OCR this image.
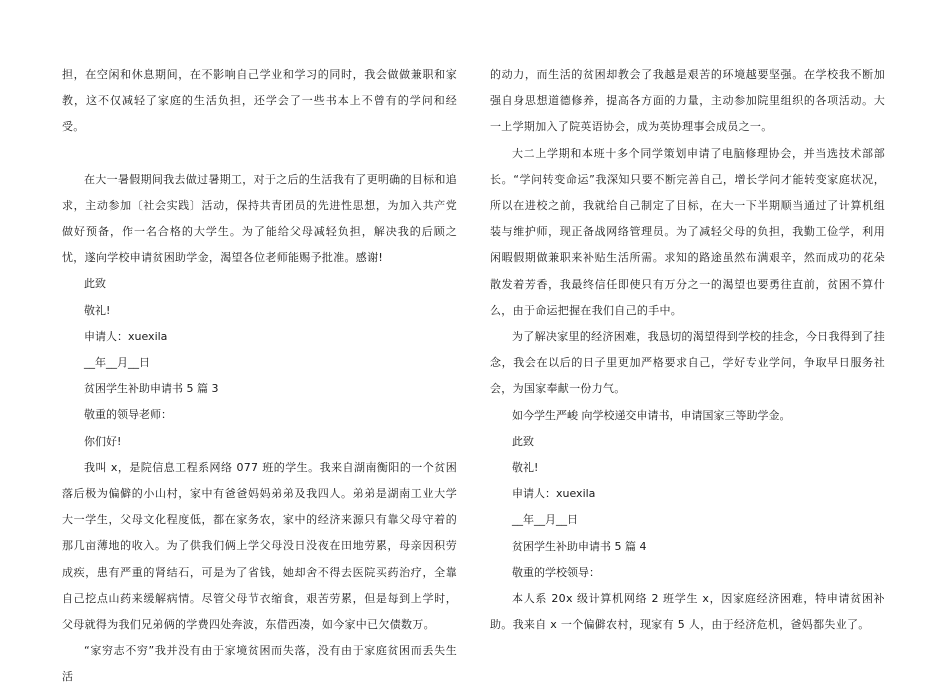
担，在空闲和休息期间，在不影响自己学业和学习的同时，我会做做兼职和家教，这不仅减轻了家庭的生活负担，还学会了一些书本上不曾有的学问和经受。

在大一暑假期间我去做过暑期工，对于之后的生活我有了更明确的目标和追求，主动参加〔社会实践〕活动，保持共青团员的先进性思想，为加入共产党做好预备，作一名合格的大学生。为了能给父母减轻负担，解决我的后顾之忧，遂向学校申请贫困助学金，渴望各位老师能赐予批准。感谢!

此致

敬礼!

申请人：xuexila

__年__月__日

贫困学生补助申请书 5 篇 3

敬重的领导老师：

你们好!

我叫 x，是院信息工程系网络 077 班的学生。我来自湖南衡阳的一个贫困落后极为偏僻的小山村，家中有爸爸妈妈弟弟及我四人。弟弟是湖南工业大学大一学生，父母文化程度低，都在家务农，家中的经济来源只有靠父母守着的那几亩薄地的收入。为了供我们俩上学父母没日没夜在田地劳累，母亲因积劳成疾，患有严重的肾结石，可是为了省钱，她却舍不得去医院买药治疗，全靠自己挖点山药来缓解病情。尽管父母节衣缩食，艰苦劳累，但是每到上学时，父母就得为我们兄弟俩的学费四处奔波，东借西凑，如今家中已欠债数万。

“家穷志不穷”我并没有由于家境贫困而失落，没有由于家庭贫困而丢失生活

的动力，而生活的贫困却教会了我越是艰苦的环境越要坚强。在学校我不断加强自身思想道德修养，提高各方面的力量，主动参加院里组织的各项活动。大一上学期加入了院英语协会，成为英协理事会成员之一。

大二上学期和本班十多个同学策划申请了电脑修理协会，并当选技术部部长。“学问转变命运”我深知只要不断完善自己，增长学问才能转变家庭状况，所以在进校之前，我就给自己制定了目标，在大一下半期顺当通过了计算机组装与维护师，现正备战网络管理员。为了减轻父母的负担，我勤工俭学，利用闲暇假期做兼职来补贴生活所需。求知的路途虽然布满艰辛，然而成功的花朵散发着芳香，我最终信任即使只有万分之一的渴望也要勇往直前，贫困不算什么，由于命运把握在我们自己的手中。

为了解决家里的经济困难，我恳切的渴望得到学校的挂念，今日我得到了挂念，我会在以后的日子里更加严格要求自己，学好专业学问，争取早日服务社会，为国家奉献一份力气。

如今学生严峻 向学校递交申请书，申请国家三等助学金。

此致

敬礼!

申请人：xuexila

__年__月__日

贫困学生补助申请书 5 篇 4

敬重的学校领导：

本人系 20x 级计算机网络 2 班学生 x，因家庭经济困难，特申请贫困补助。我来自 x 一个偏僻农村，现家有 5 人，由于经济危机，爸妈都失业了。
